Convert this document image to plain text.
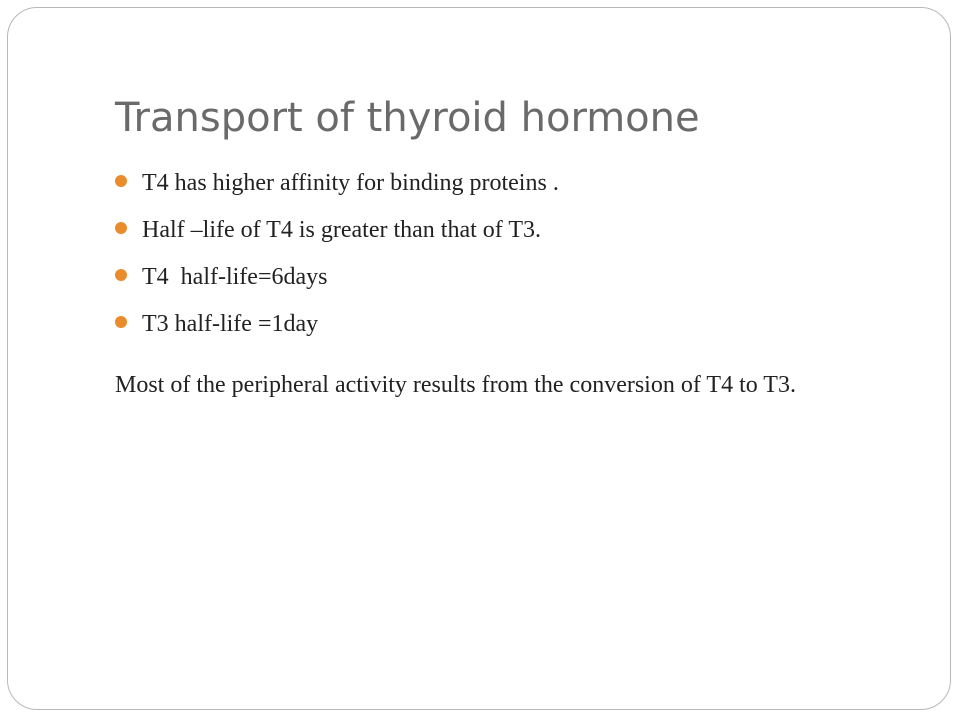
Transport of thyroid hormone
T4 has higher affinity for binding proteins .
Half –life of T4 is greater than that of T3.
T4  half-life=6days
T3 half-life =1day

Most of the peripheral activity results from the conversion of T4 to T3.
